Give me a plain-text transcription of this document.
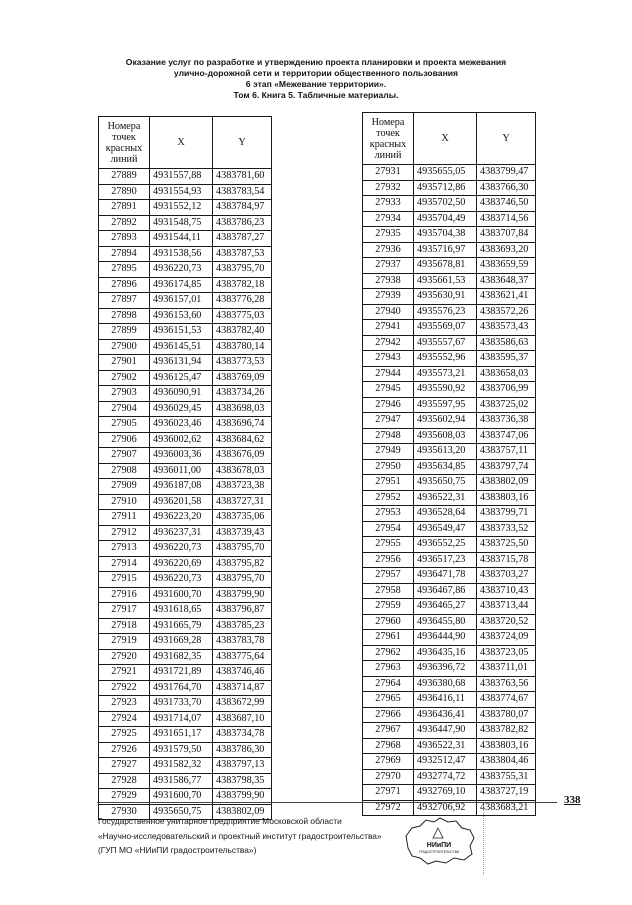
Оказание услуг по разработке и утверждению проекта планировки и проекта межевания
улично-дорожной сети и территории общественного пользования
6 этап «Межевание территории».
Том 6. Книга 5. Табличные материалы.
Номера
точек
красных
линий	X	Y
27889	4931557,88	4383781,60
27890	4931554,93	4383783,54
27891	4931552,12	4383784,97
27892	4931548,75	4383786,23
27893	4931544,11	4383787,27
27894	4931538,56	4383787,53
27895	4936220,73	4383795,70
27896	4936174,85	4383782,18
27897	4936157,01	4383776,28
27898	4936153,60	4383775,03
27899	4936151,53	4383782,40
27900	4936145,51	4383780,14
27901	4936131,94	4383773,53
27902	4936125,47	4383769,09
27903	4936090,91	4383734,26
27904	4936029,45	4383698,03
27905	4936023,46	4383696,74
27906	4936002,62	4383684,62
27907	4936003,36	4383676,09
27908	4936011,00	4383678,03
27909	4936187,08	4383723,38
27910	4936201,58	4383727,31
27911	4936223,20	4383735,06
27912	4936237,31	4383739,43
27913	4936220,73	4383795,70
27914	4936220,69	4383795,82
27915	4936220,73	4383795,70
27916	4931600,70	4383799,90
27917	4931618,65	4383796,87
27918	4931665,79	4383785,23
27919	4931669,28	4383783,78
27920	4931682,35	4383775,64
27921	4931721,89	4383746,46
27922	4931764,70	4383714,87
27923	4931733,70	4383672,99
27924	4931714,07	4383687,10
27925	4931651,17	4383734,78
27926	4931579,50	4383786,30
27927	4931582,32	4383797,13
27928	4931586,77	4383798,35
27929	4931600,70	4383799,90
27930	4935650,75	4383802,09
Номера
точек
красных
линий	X	Y
27931	4935655,05	4383799,47
27932	4935712,86	4383766,30
27933	4935702,50	4383746,50
27934	4935704,49	4383714,56
27935	4935704,38	4383707,84
27936	4935716,97	4383693,20
27937	4935678,81	4383659,59
27938	4935661,53	4383648,37
27939	4935630,91	4383621,41
27940	4935576,23	4383572,26
27941	4935569,07	4383573,43
27942	4935557,67	4383586,63
27943	4935552,96	4383595,37
27944	4935573,21	4383658,03
27945	4935590,92	4383706,99
27946	4935597,95	4383725,02
27947	4935602,94	4383736,38
27948	4935608,03	4383747,06
27949	4935613,20	4383757,11
27950	4935634,85	4383797,74
27951	4935650,75	4383802,09
27952	4936522,31	4383803,16
27953	4936528,64	4383799,71
27954	4936549,47	4383733,52
27955	4936552,25	4383725,50
27956	4936517,23	4383715,78
27957	4936471,78	4383703,27
27958	4936467,86	4383710,43
27959	4936465,27	4383713,44
27960	4936455,80	4383720,52
27961	4936444,90	4383724,09
27962	4936435,16	4383723,05
27963	4936396,72	4383711,01
27964	4936380,68	4383763,56
27965	4936416,11	4383774,67
27966	4936436,41	4383780,07
27967	4936447,90	4383782,82
27968	4936522,31	4383803,16
27969	4932512,47	4383804,46
27970	4932774,72	4383755,31
27971	4932769,10	4383727,19
27972	4932706,92	4383683,21
338
Государственное унитарное предприятие Московской области
«Научно-исследовательский и проектный институт градостроительства»
(ГУП МО «НИиПИ градостроительства»)	НИиПИ
ГРАДОСТРОИТЕЛЬСТВА
